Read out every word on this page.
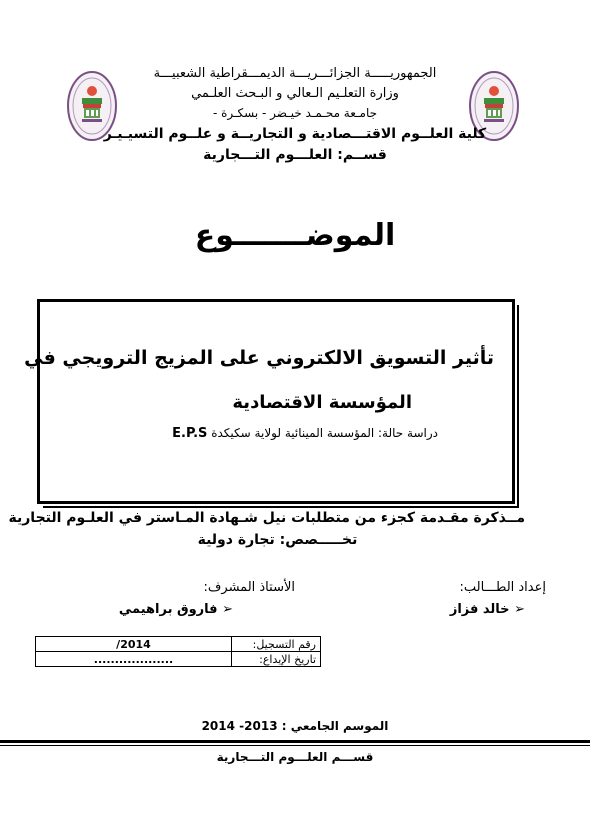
الجمهوريـــــة الجزائـــريـــة الديمـــقراطية الشعبيـــة
وزارة التعلـيم الـعالي و البـحث العلـمي
جامـعة محـمـد خيـضر - بسكـرة -
كلية العلــوم الاقتـــصادية و التجاريــة و علــوم التسيـيـر
قســم: العلـــوم التـــجارية
الموضـــــــوع
تأثير التسويق الالكتروني على المزيج الترويجي في
المؤسسة الاقتصادية
دراسة حالة: المؤسسة المينائية لولاية سكيكدة E.P.S
مــذكرة مقـدمة كجزء من متطلبات نيل شـهادة المـاستر في العلـوم التجارية
تخـــــصص: تجارة دولية
إعداد الطـــالب:
الأستاذ المشرف:
➢ خالد فزاز
➢ فاروق براهيمي
/2014	رقم التسجيل:
...................	تاريخ الإيداع:
الموسم الجامعي : 2013- 2014
قســـم العلـــوم التـــجارية
